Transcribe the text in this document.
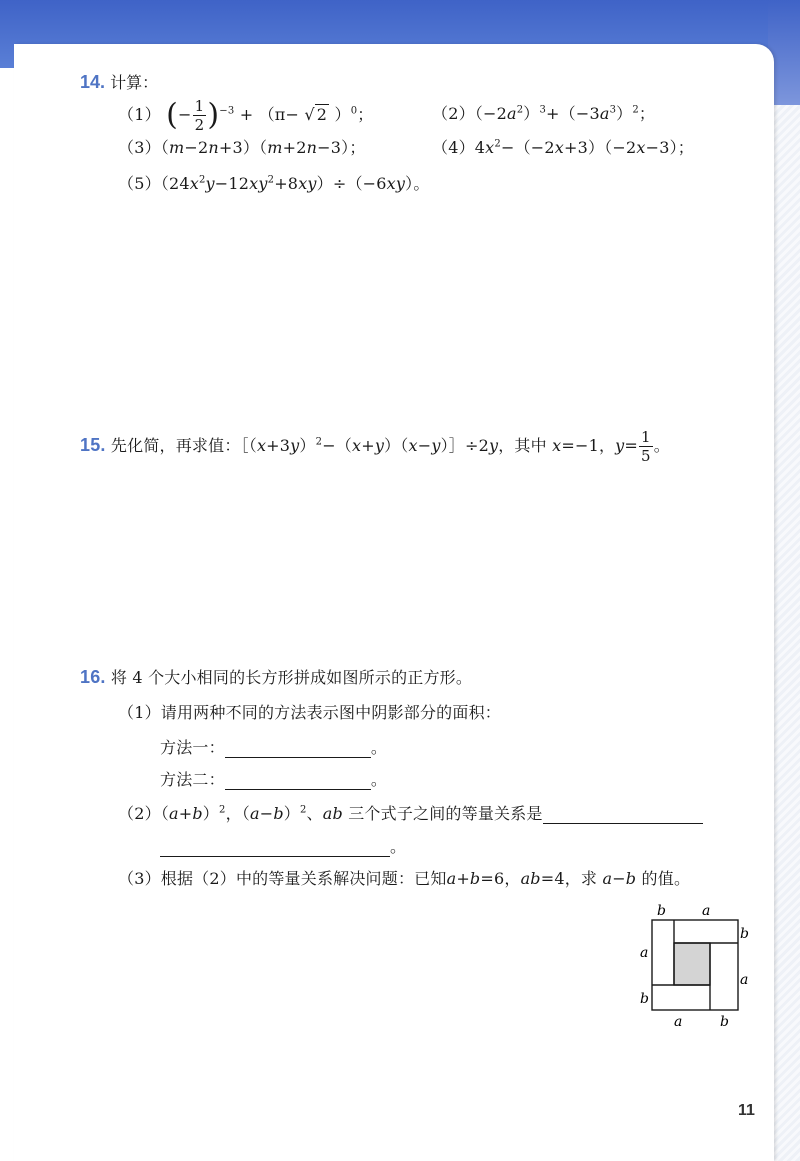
14. 计算：
（1） (− $\frac{1}{2} )^{-3} + (\pi-$ √ 2 ）$^0$；	$(2)(-2a^2)^3+(-3a^3)^2$；
（3）（m−2n+3）（m+2n−3）；	$(4)4x^2-(-2x+3)(-2x-3)$；
$(5)(24x^2y-12xy^2+8xy)\div(-6xy)$。
15. 先化简，再求值：$[(x+3y)^2-(x+y)(x-y)]\div 2y$，其中 x=−1，$y= \frac{1}{5}$ 。
16. 将 4 个大小相同的长方形拼成如图所示的正方形。
（1）请用两种不同的方法表示图中阴影部分的面积：
方法一：	。
方法二：	。
$(2)(a+b)^2$，$(a-b)^2$、ab 三个式子之间的等量关系是
。
（3）根据（2）中的等量关系解决问题：已知a+b=6，ab=4，求 a−b 的值。
b	a
b
a
a
b
a	b
11
